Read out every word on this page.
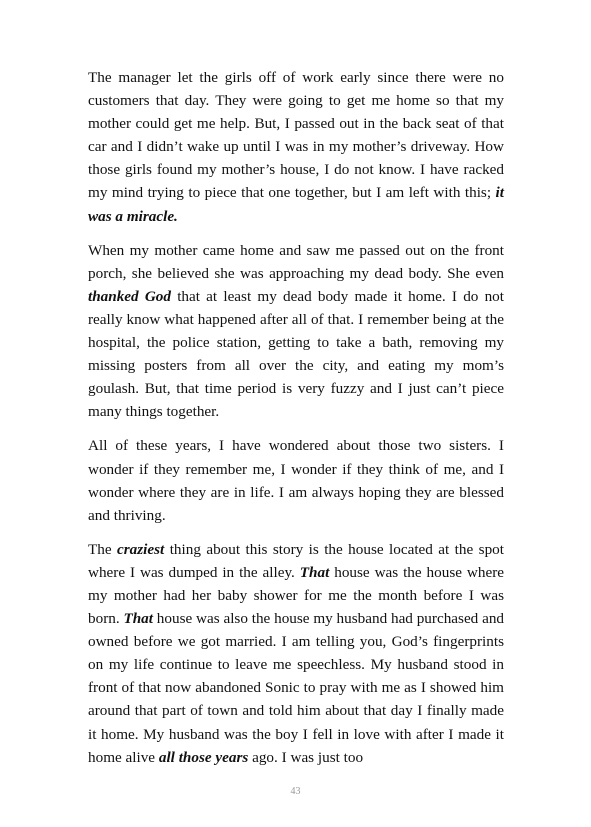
The manager let the girls off of work early since there were no customers that day. They were going to get me home so that my mother could get me help. But, I passed out in the back seat of that car and I didn’t wake up until I was in my mother’s driveway. How those girls found my mother’s house, I do not know. I have racked my mind trying to piece that one together, but I am left with this; it was a miracle.

When my mother came home and saw me passed out on the front porch, she believed she was approaching my dead body. She even thanked God that at least my dead body made it home. I do not really know what happened after all of that. I remember being at the hospital, the police station, getting to take a bath, removing my missing posters from all over the city, and eating my mom’s goulash. But, that time period is very fuzzy and I just can’t piece many things together.

All of these years, I have wondered about those two sisters. I wonder if they remember me, I wonder if they think of me, and I wonder where they are in life. I am always hoping they are blessed and thriving.

The craziest thing about this story is the house located at the spot where I was dumped in the alley. That house was the house where my mother had her baby shower for me the month before I was born. That house was also the house my husband had purchased and owned before we got married. I am telling you, God’s fingerprints on my life continue to leave me speechless. My husband stood in front of that now abandoned Sonic to pray with me as I showed him around that part of town and told him about that day I finally made it home. My husband was the boy I fell in love with after I made it home alive all those years ago. I was just too

43
